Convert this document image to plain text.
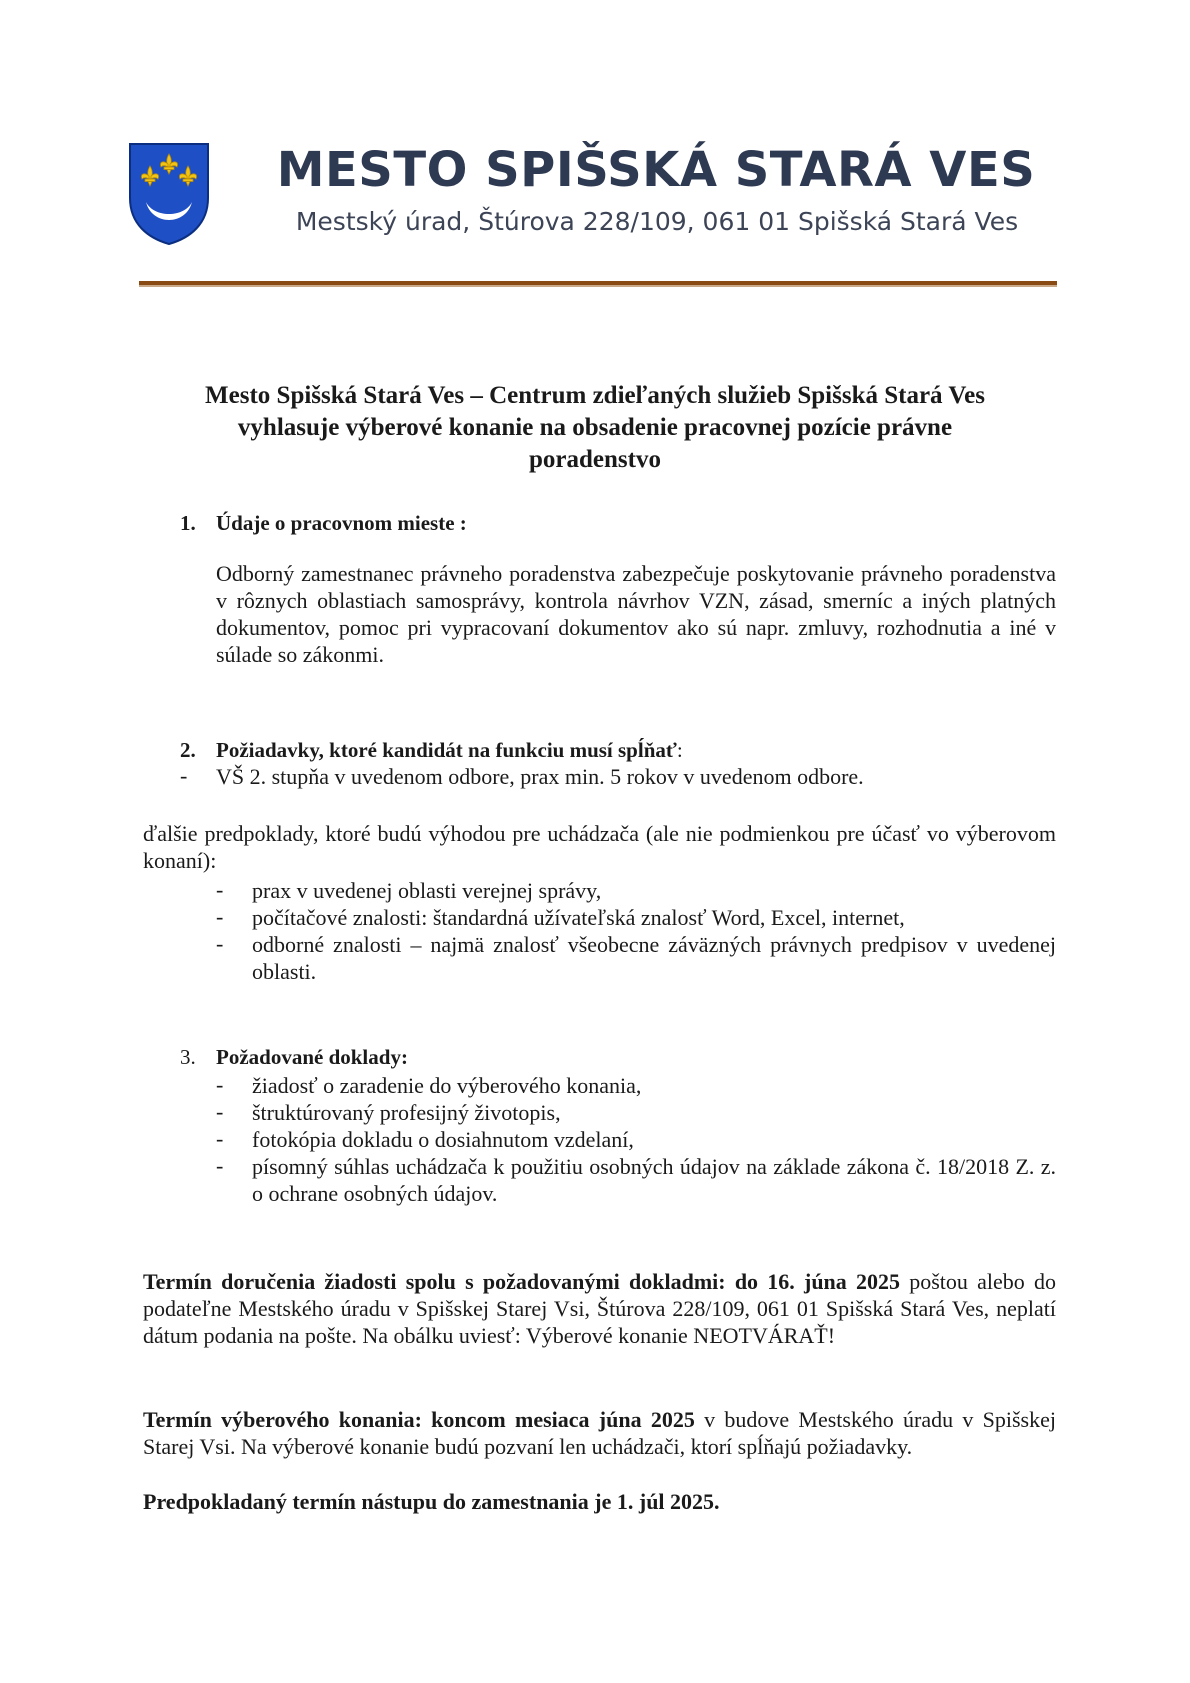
MESTO SPIŠSKÁ STARÁ VES
Mestský úrad, Štúrova 228/109, 061 01 Spišská Stará Ves
Mesto Spišská Stará Ves – Centrum zdieľaných služieb Spišská Stará Ves
vyhlasuje výberové konanie na obsadenie pracovnej pozície právne
poradenstvo
1. Údaje o pracovnom mieste :
Odborný zamestnanec právneho poradenstva zabezpečuje poskytovanie právneho poradenstva v rôznych oblastiach samosprávy, kontrola návrhov VZN, zásad, smerníc a iných platných dokumentov, pomoc pri vypracovaní dokumentov ako sú napr. zmluvy, rozhodnutia a iné v súlade so zákonmi.
2. Požiadavky, ktoré kandidát na funkciu musí spĺňať:
- VŠ 2. stupňa v uvedenom odbore, prax min. 5 rokov v uvedenom odbore.
ďalšie predpoklady, ktoré budú výhodou pre uchádzača (ale nie podmienkou pre účasť vo výberovom konaní):
- prax v uvedenej oblasti verejnej správy,
- počítačové znalosti: štandardná užívateľská znalosť Word, Excel, internet,
- odborné znalosti – najmä znalosť všeobecne záväzných právnych predpisov v uvedenej oblasti.
3. Požadované doklady:
- žiadosť o zaradenie do výberového konania,
- štruktúrovaný profesijný životopis,
- fotokópia dokladu o dosiahnutom vzdelaní,
- písomný súhlas uchádzača k použitiu osobných údajov na základe zákona č. 18/2018 Z. z. o ochrane osobných údajov.
Termín doručenia žiadosti spolu s požadovanými dokladmi: do 16. júna 2025 poštou alebo do podateľne Mestského úradu v Spišskej Starej Vsi, Štúrova 228/109, 061 01 Spišská Stará Ves, neplatí dátum podania na pošte. Na obálku uviesť: Výberové konanie NEOTVÁRAŤ!
Termín výberového konania: koncom mesiaca júna 2025 v budove Mestského úradu v Spišskej Starej Vsi. Na výberové konanie budú pozvaní len uchádzači, ktorí spĺňajú požiadavky.
Predpokladaný termín nástupu do zamestnania je 1. júl 2025.
